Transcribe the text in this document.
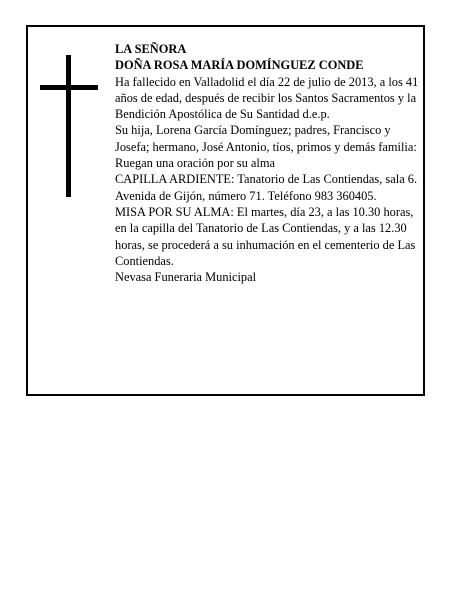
LA SEÑORA

DOÑA ROSA MARÍA DOMÍNGUEZ CONDE

Ha fallecido en Valladolid el día 22 de julio de 2013, a los 41 años de edad, después de recibir los Santos Sacramentos y la Bendición Apostólica de Su Santidad d.e.p.

Su hija, Lorena García Domínguez; padres, Francisco y Josefa; hermano, José Antonio, tíos, primos y demás familia:

Ruegan una oración por su alma

CAPILLA ARDIENTE: Tanatorio de Las Contiendas, sala 6. Avenida de Gijón, número 71. Teléfono 983 360405.

MISA POR SU ALMA: El martes, día 23, a las 10.30 horas, en la capilla del Tanatorio de Las Contiendas, y a las 12.30 horas, se procederá a su inhumación en el cementerio de Las Contiendas.

Nevasa Funeraria Municipal
